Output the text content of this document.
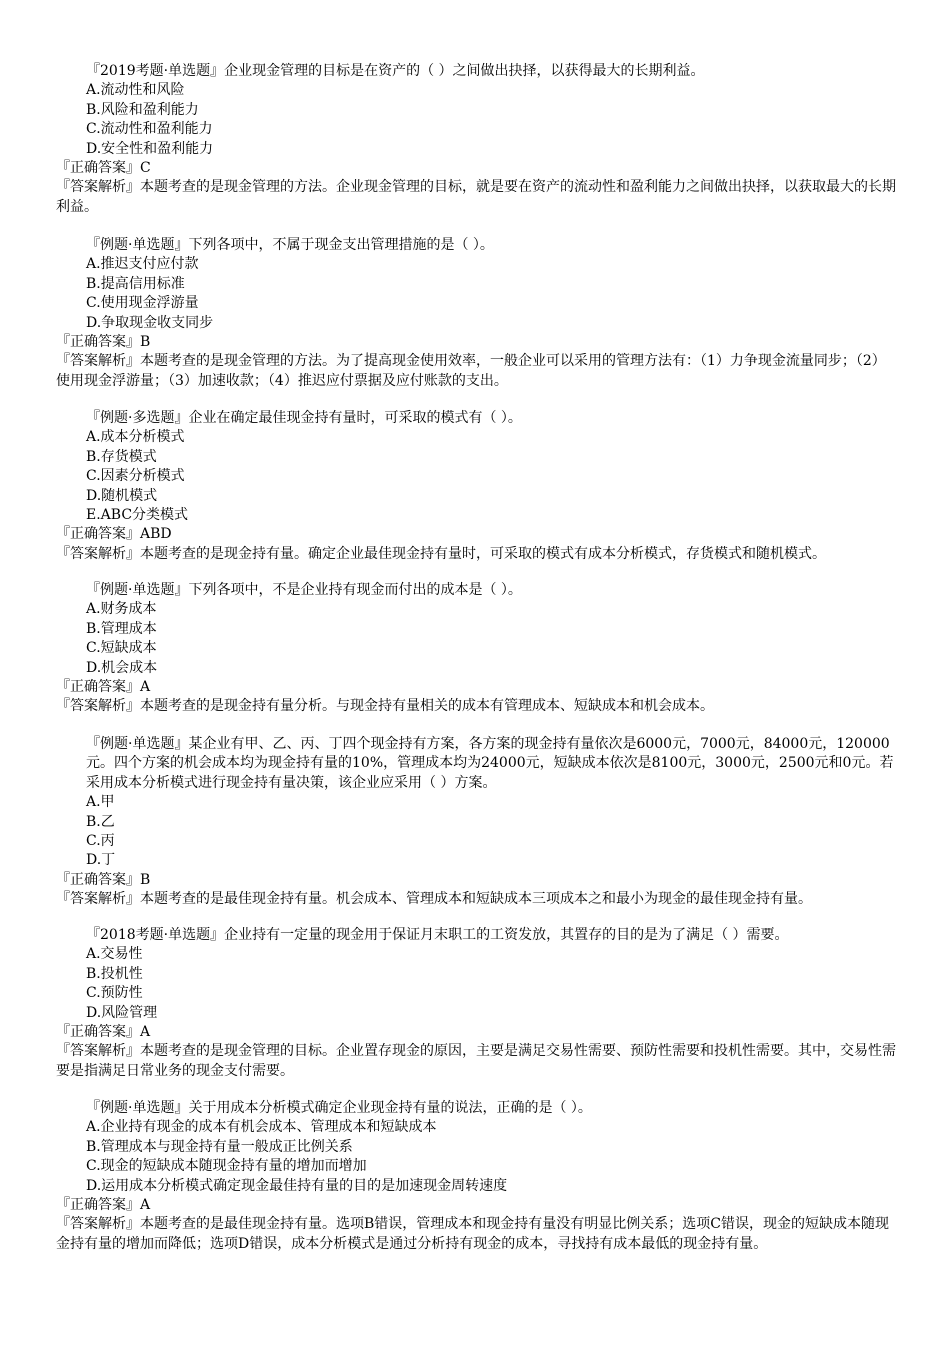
『2019考题·单选题』企业现金管理的目标是在资产的（ ）之间做出抉择，以获得最大的长期利益。

A.流动性和风险

B.风险和盈利能力

C.流动性和盈利能力

D.安全性和盈利能力

『正确答案』C

『答案解析』本题考查的是现金管理的方法。企业现金管理的目标，就是要在资产的流动性和盈利能力之间做出抉择，以获取最大的长期利益。

『例题·单选题』下列各项中，不属于现金支出管理措施的是（ ）。

A.推迟支付应付款

B.提高信用标准

C.使用现金浮游量

D.争取现金收支同步

『正确答案』B

『答案解析』本题考查的是现金管理的方法。为了提高现金使用效率，一般企业可以采用的管理方法有：（1）力争现金流量同步；（2）使用现金浮游量；（3）加速收款；（4）推迟应付票据及应付账款的支出。

『例题·多选题』企业在确定最佳现金持有量时，可采取的模式有（ ）。

A.成本分析模式

B.存货模式

C.因素分析模式

D.随机模式

E.ABC分类模式

『正确答案』ABD

『答案解析』本题考查的是现金持有量。确定企业最佳现金持有量时，可采取的模式有成本分析模式，存货模式和随机模式。

『例题·单选题』下列各项中，不是企业持有现金而付出的成本是（ ）。

A.财务成本

B.管理成本

C.短缺成本

D.机会成本

『正确答案』A

『答案解析』本题考查的是现金持有量分析。与现金持有量相关的成本有管理成本、短缺成本和机会成本。

『例题·单选题』某企业有甲、乙、丙、丁四个现金持有方案，各方案的现金持有量依次是6000元，7000元，84000元，120000元。四个方案的机会成本均为现金持有量的10%，管理成本均为24000元，短缺成本依次是8100元，3000元，2500元和0元。若采用成本分析模式进行现金持有量决策，该企业应采用（ ）方案。

A.甲

B.乙

C.丙

D.丁

『正确答案』B

『答案解析』本题考查的是最佳现金持有量。机会成本、管理成本和短缺成本三项成本之和最小为现金的最佳现金持有量。

『2018考题·单选题』企业持有一定量的现金用于保证月末职工的工资发放，其置存的目的是为了满足（ ）需要。

A.交易性

B.投机性

C.预防性

D.风险管理

『正确答案』A

『答案解析』本题考查的是现金管理的目标。企业置存现金的原因，主要是满足交易性需要、预防性需要和投机性需要。其中，交易性需要是指满足日常业务的现金支付需要。

『例题·单选题』关于用成本分析模式确定企业现金持有量的说法，正确的是（ ）。

A.企业持有现金的成本有机会成本、管理成本和短缺成本

B.管理成本与现金持有量一般成正比例关系

C.现金的短缺成本随现金持有量的增加而增加

D.运用成本分析模式确定现金最佳持有量的目的是加速现金周转速度

『正确答案』A

『答案解析』本题考查的是最佳现金持有量。选项B错误，管理成本和现金持有量没有明显比例关系；选项C错误，现金的短缺成本随现金持有量的增加而降低；选项D错误，成本分析模式是通过分析持有现金的成本，寻找持有成本最低的现金持有量。
